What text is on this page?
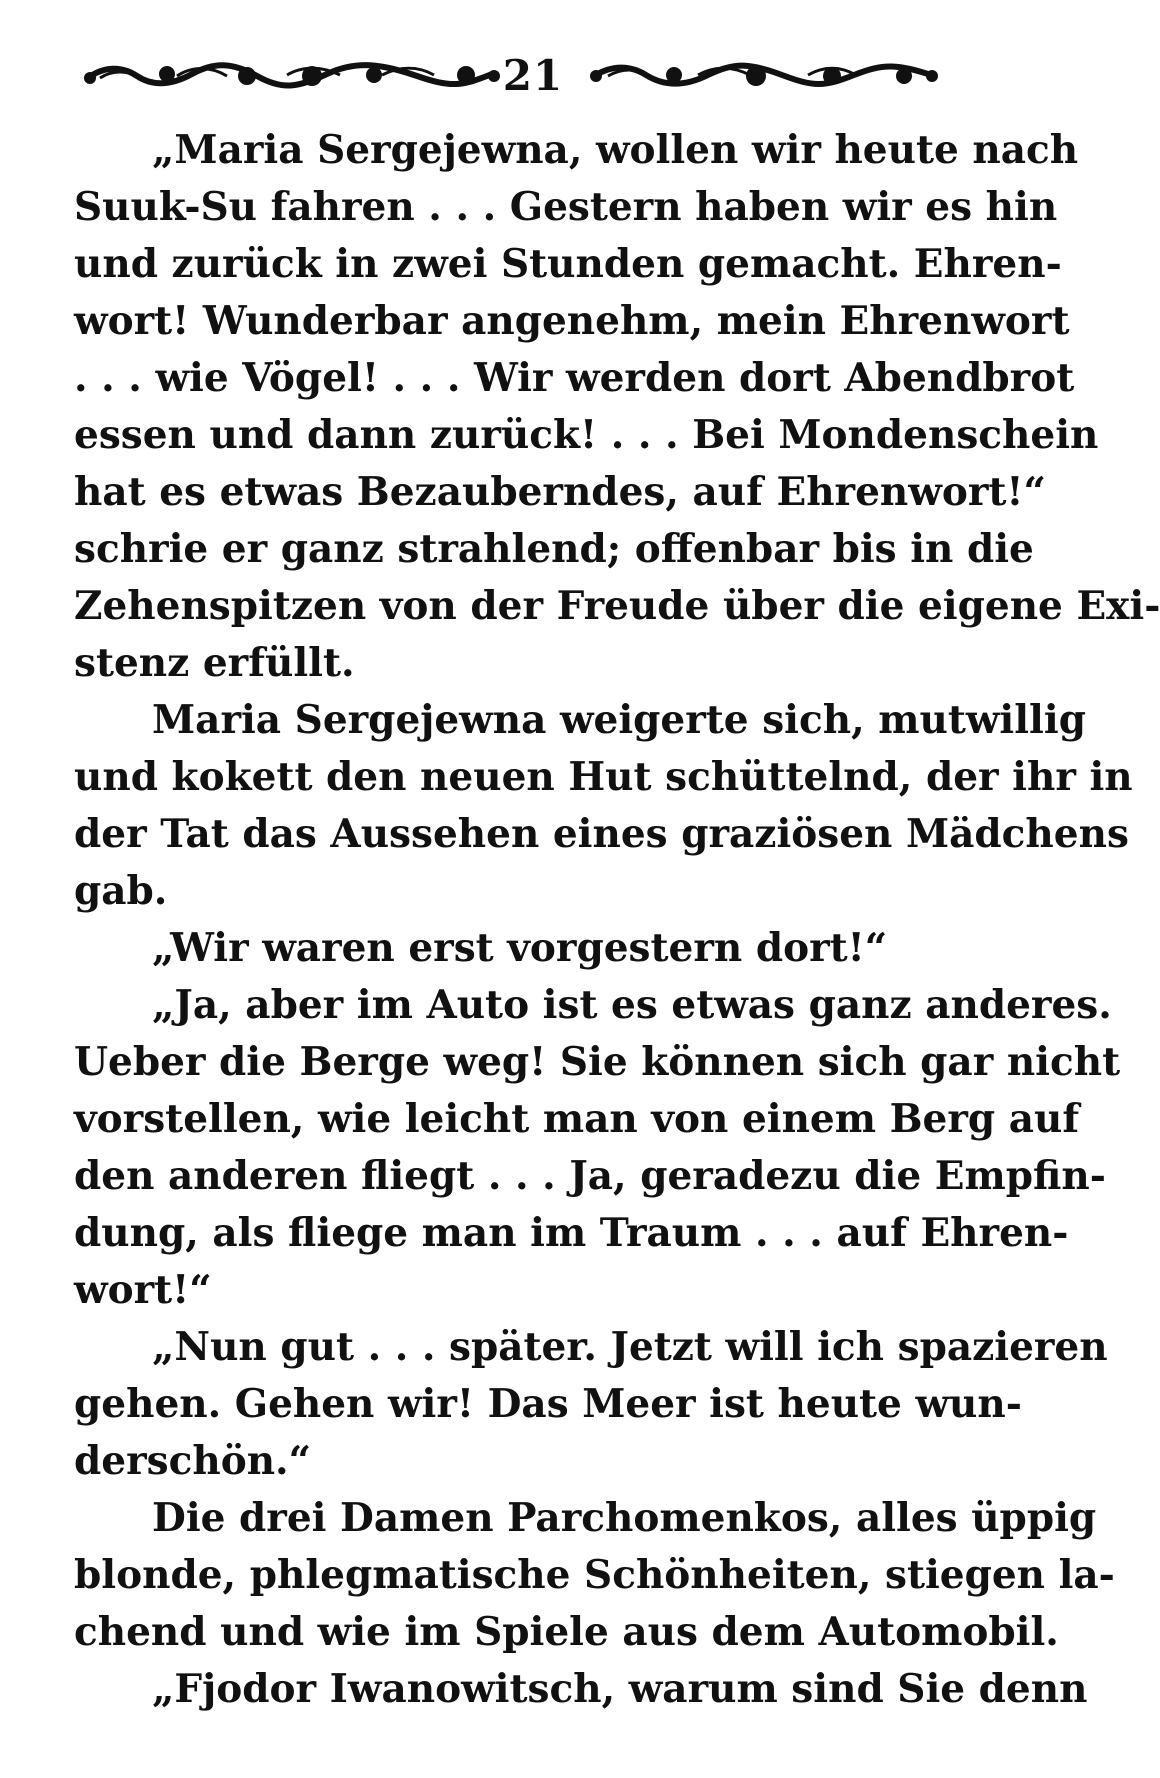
21
„Maria Sergejewna, wollen wir heute nach
Suuk-Su fahren . . . Gestern haben wir es hin
und zurück in zwei Stunden gemacht. Ehren-
wort! Wunderbar angenehm, mein Ehrenwort
. . . wie Vögel! . . . Wir werden dort Abendbrot
essen und dann zurück! . . . Bei Mondenschein
hat es etwas Bezauberndes, auf Ehrenwort!“
schrie er ganz strahlend; offenbar bis in die
Zehenspitzen von der Freude über die eigene Exi-
stenz erfüllt.
Maria Sergejewna weigerte sich, mutwillig
und kokett den neuen Hut schüttelnd, der ihr in
der Tat das Aussehen eines graziösen Mädchens
gab.
„Wir waren erst vorgestern dort!“
„Ja, aber im Auto ist es etwas ganz anderes.
Ueber die Berge weg! Sie können sich gar nicht
vorstellen, wie leicht man von einem Berg auf
den anderen fliegt . . . Ja, geradezu die Empfin-
dung, als fliege man im Traum . . . auf Ehren-
wort!“
„Nun gut . . . später. Jetzt will ich spazieren
gehen. Gehen wir! Das Meer ist heute wun-
derschön.“
Die drei Damen Parchomenkos, alles üppig
blonde, phlegmatische Schönheiten, stiegen la-
chend und wie im Spiele aus dem Automobil.
„Fjodor Iwanowitsch, warum sind Sie denn
